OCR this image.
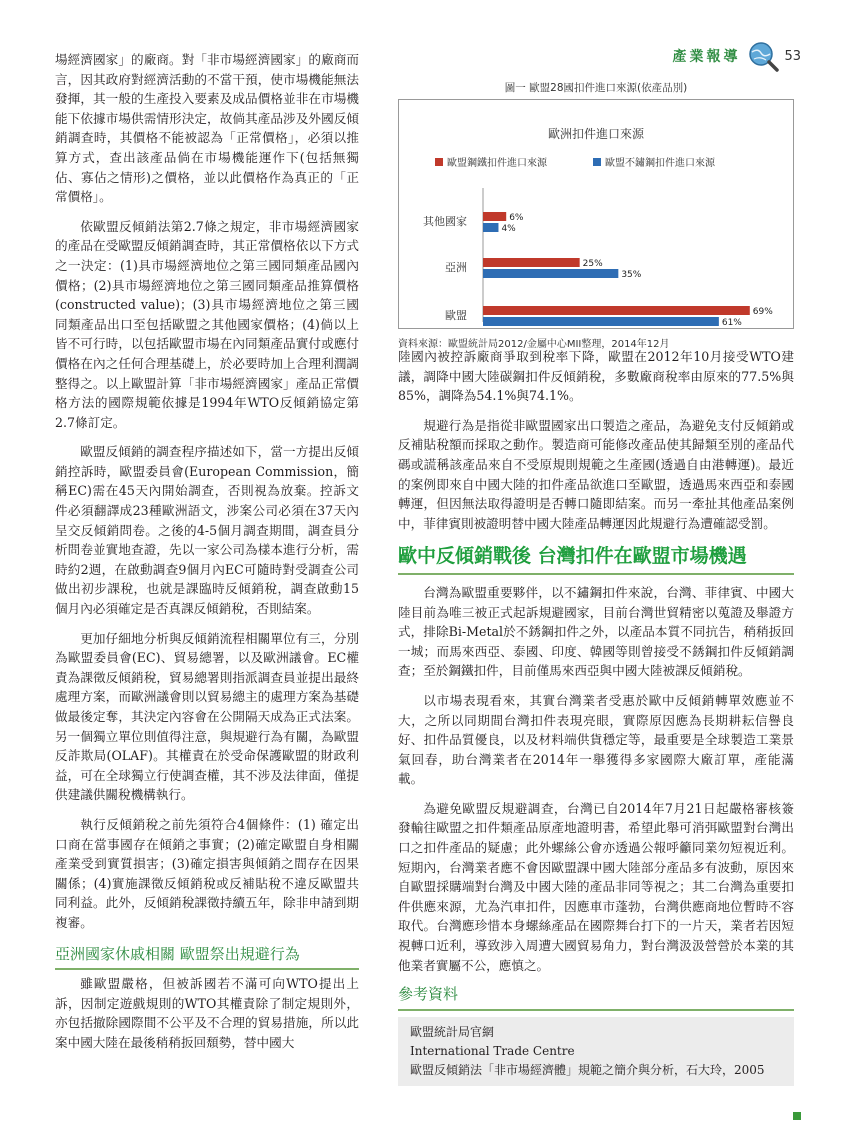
產業報導	53

場經濟國家」的廠商。對「非市場經濟國家」的廠商而言，因其政府對經濟活動的不當干預，使市場機能無法發揮，其一般的生產投入要素及成品價格並非在市場機能下依據市場供需情形決定，故倘其產品涉及外國反傾銷調查時，其價格不能被認為「正常價格」，必須以推算方式，查出該產品倘在市場機能運作下(包括無獨佔、寡佔之情形)之價格，並以此價格作為真正的「正常價格」。

依歐盟反傾銷法第2.7條之規定，非市場經濟國家的產品在受歐盟反傾銷調查時，其正常價格依以下方式之一決定：(1)具市場經濟地位之第三國同類產品國內價格；(2)具市場經濟地位之第三國同類產品推算價格(constructed value)；(3)具市場經濟地位之第三國同類產品出口至包括歐盟之其他國家價格；(4)倘以上皆不可行時，以包括歐盟市場在內同類產品實付或應付價格在內之任何合理基礎上，於必要時加上合理利潤調整得之。以上歐盟計算「非市場經濟國家」產品正常價格方法的國際規範依據是1994年WTO反傾銷協定第2.7條訂定。

歐盟反傾銷的調查程序描述如下，當一方提出反傾銷控訴時，歐盟委員會(European Commission，簡稱EC)需在45天內開始調查，否則視為放棄。控訴文件必須翻譯成23種歐洲語文，涉案公司必須在37天內呈交反傾銷問卷。之後的4-5個月調查期間，調查員分析問卷並實地查證，先以一家公司為樣本進行分析，需時約2週，在啟動調查9個月內EC可隨時對受調查公司做出初步課稅，也就是課臨時反傾銷稅，調查啟動15個月內必須確定是否真課反傾銷稅，否則結案。

更加仔細地分析與反傾銷流程相關單位有三，分別為歐盟委員會(EC)、貿易總署，以及歐洲議會。EC權責為課徵反傾銷稅，貿易總署則指派調查員並提出最終處理方案，而歐洲議會則以貿易總主的處理方案為基礎做最後定奪，其決定內容會在公開隔天成為正式法案。另一個獨立單位則值得注意，與規避行為有關，為歐盟反詐欺局(OLAF)。其權責在於受命保護歐盟的財政利益，可在全球獨立行使調查權，其不涉及法律面，僅提供建議供關稅機構執行。

執行反傾銷稅之前先須符合4個條件：(1) 確定出口商在當事國存在傾銷之事實；(2)確定歐盟自身相關產業受到實質損害；(3)確定損害與傾銷之間存在因果關係；(4)實施課徵反傾銷稅或反補貼稅不違反歐盟共同利益。此外，反傾銷稅課徵持續五年，除非申請到期複審。

亞洲國家休戚相關 歐盟祭出規避行為

雖歐盟嚴格，但被訴國若不滿可向WTO提出上訴，因制定遊戲規則的WTO其權責除了制定規則外，亦包括撤除國際間不公平及不合理的貿易措施，所以此案中國大陸在最後稍稍扳回頹勢，替中國大

圖一 歐盟28國扣件進口來源(依產品別)
歐洲扣件進口來源
歐盟鋼鐵扣件進口來源	歐盟不鏽鋼扣件進口來源
其他國家	6%
4%
亞洲	25%
35%
歐盟	69%
61%
資料來源：歐盟統計局2012/金屬中心MII整理，2014年12月

陸國內被控訴廠商爭取到稅率下降，歐盟在2012年10月接受WTO建議，調降中國大陸碳鋼扣件反傾銷稅，多數廠商稅率由原來的77.5%與85%，調降為54.1%與74.1%。

規避行為是指從非歐盟國家出口製造之產品，為避免支付反傾銷或反補貼稅額而採取之動作。製造商可能修改產品使其歸類至別的產品代碼或謊稱該產品來自不受原規則規範之生產國(透過自由港轉運)。最近的案例即來自中國大陸的扣件產品欲進口至歐盟，透過馬來西亞和泰國轉運，但因無法取得證明是否轉口隨即結案。而另一牽扯其他產品案例中，菲律賓則被證明替中國大陸產品轉運因此規避行為遭確認受罰。

歐中反傾銷戰後 台灣扣件在歐盟市場機遇

台灣為歐盟重要夥伴，以不鏽鋼扣件來說，台灣、菲律賓、中國大陸目前為唯三被正式起訴規避國家，目前台灣世貿精密以蒐證及舉證方式，排除Bi-Metal於不銹鋼扣件之外，以產品本質不同抗告，稍稍扳回一城；而馬來西亞、泰國、印度、韓國等則曾接受不銹鋼扣件反傾銷調查；至於鋼鐵扣件，目前僅馬來西亞與中國大陸被課反傾銷稅。

以市場表現看來，其實台灣業者受惠於歐中反傾銷轉單效應並不大，之所以同期間台灣扣件表現亮眼，實際原因應為長期耕耘信譽良好、扣件品質優良，以及材料端供貨穩定等，最重要是全球製造工業景氣回春，助台灣業者在2014年一舉獲得多家國際大廠訂單，產能滿載。

為避免歐盟反規避調查，台灣已自2014年7月21日起嚴格審核簽發輸往歐盟之扣件類產品原產地證明書，希望此舉可消弭歐盟對台灣出口之扣件產品的疑慮；此外螺絲公會亦透過公報呼籲同業勿短視近利。短期內，台灣業者應不會因歐盟課中國大陸部分產品多有波動，原因來自歐盟採購端對台灣及中國大陸的產品非同等視之；其二台灣為重要扣件供應來源，尤為汽車扣件，因應車市蓬勃，台灣供應商地位暫時不容取代。台灣應珍惜本身螺絲產品在國際舞台打下的一片天，業者若因短視轉口近利，導致涉入周遭大國貿易角力，對台灣汲汲營營於本業的其他業者實屬不公，應慎之。

參考資料
歐盟統計局官網
International Trade Centre
歐盟反傾銷法「非市場經濟體」規範之簡介與分析，石大玲，2005
